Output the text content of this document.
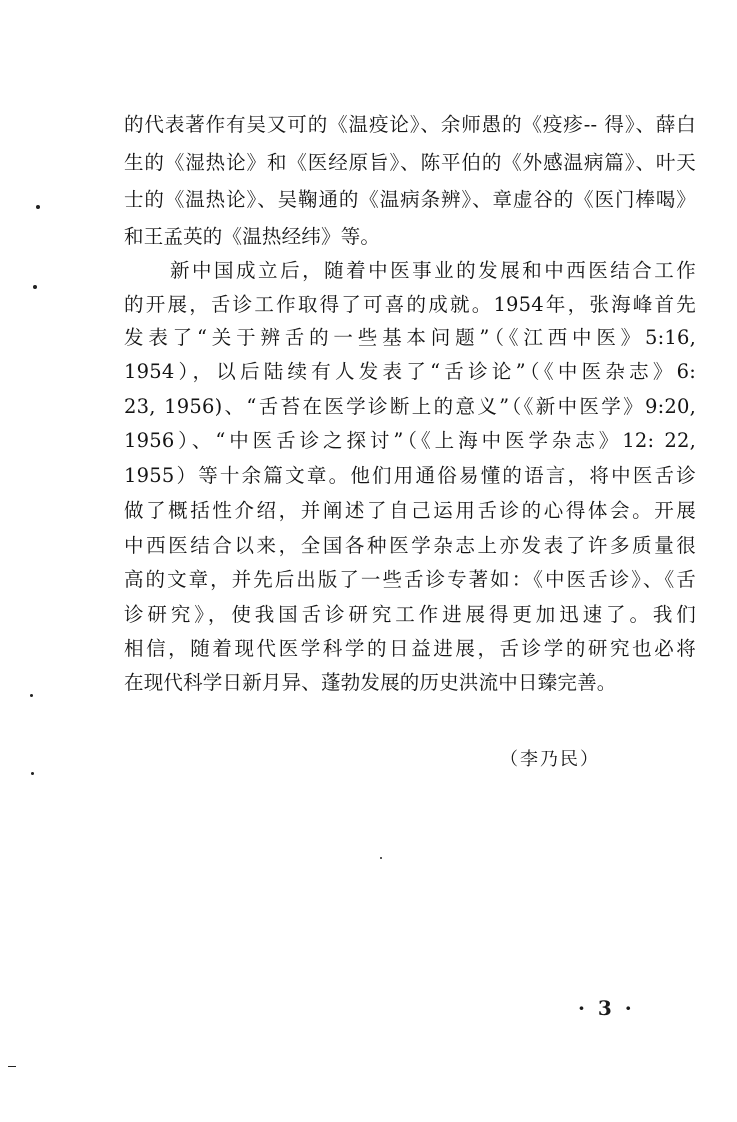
的代表著作有吴又可的《温疫论》、余师愚的《疫疹-- 得》、薛白
生的《湿热论》和《医经原旨》、陈平伯的《外感温病篇》、叶天
士的《温热论》、吴鞠通的《温病条辨》、章虚谷的《医门棒喝》
和王孟英的《温热经纬》等。
新中国成立后，随着中医事业的发展和中西医结合工作
的开展，舌诊工作取得了可喜的成就。1954年，张海峰首先
发表了“关于辨舌的一些基本问题”（《江西中医》5:16,
1954），以后陆续有人发表了“舌诊论”（《中医杂志》6:
23, 1956)、“舌苔在医学诊断上的意义”（《新中医学》9:20,
1956）、“中医舌诊之探讨”（《上海中医学杂志》12: 22,
1955）等十余篇文章。他们用通俗易懂的语言，将中医舌诊
做了概括性介绍，并阐述了自己运用舌诊的心得体会。开展
中西医结合以来，全国各种医学杂志上亦发表了许多质量很
高的文章，并先后出版了一些舌诊专著如：《中医舌诊》、《舌
诊研究》，使我国舌诊研究工作进展得更加迅速了。我们
相信，随着现代医学科学的日益进展，舌诊学的研究也必将
在现代科学日新月异、蓬勃发展的历史洪流中日臻完善。
（李乃民）
· 3 ·
